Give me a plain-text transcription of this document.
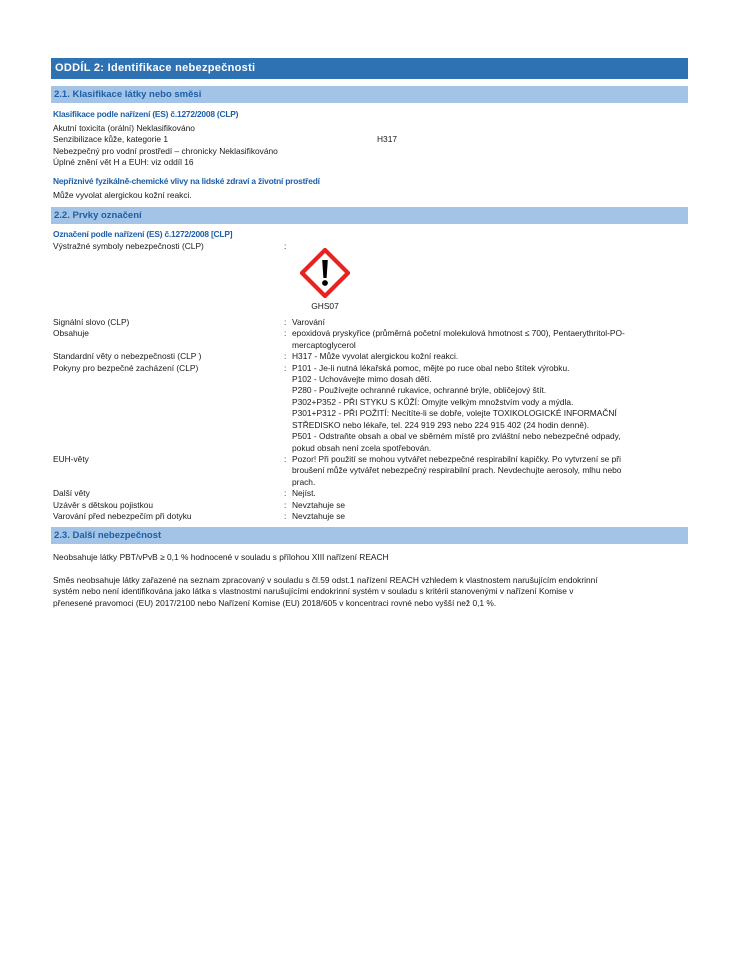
ODDÍL 2: Identifikace nebezpečnosti
2.1. Klasifikace látky nebo směsi
Klasifikace podle nařízení (ES) č.1272/2008 (CLP)
Akutní toxicita (orální) Neklasifikováno
Senzibilizace kůže, kategorie 1	H317
Nebezpečný pro vodní prostředí – chronicky Neklasifikováno
Úplné znění vět H a EUH: viz oddíl 16
Nepříznivé fyzikálně-chemické vlivy na lidské zdraví a životní prostředí
Může vyvolat alergickou kožní reakci.
2.2. Prvky označení
Označení podle nařízení (ES) č.1272/2008 [CLP]
Výstražné symboly nebezpečnosti (CLP)	:
GHS07
Signální slovo (CLP)	: Varování
Obsahuje	: epoxidová pryskyřice (průměrná početní molekulová hmotnost ≤ 700), Pentaerythritol-PO-
mercaptoglycerol
Standardní věty o nebezpečnosti (CLP )	: H317 - Může vyvolat alergickou kožní reakci.
Pokyny pro bezpečné zacházení (CLP)	: P101 - Je-li nutná lékařská pomoc, mějte po ruce obal nebo štítek výrobku.
P102 - Uchovávejte mimo dosah dětí.
P280 - Používejte ochranné rukavice, ochranné brýle, obličejový štít.
P302+P352 - PŘI STYKU S KŮŽÍ: Omyjte velkým množstvím vody a mýdla.
P301+P312 - PŘI POŽITÍ: Necítíte-li se dobře, volejte TOXIKOLOGICKÉ INFORMAČNÍ
STŘEDISKO nebo lékaře, tel. 224 919 293 nebo 224 915 402 (24 hodin denně).
P501 - Odstraňte obsah a obal ve sběrném místě pro zvláštní nebo nebezpečné odpady,
pokud obsah není zcela spotřebován.
EUH-věty	: Pozor! Při použití se mohou vytvářet nebezpečné respirabilní kapičky. Po vytvrzení se při
broušení může vytvářet nebezpečný respirabilní prach. Nevdechujte aerosoly, mlhu nebo
prach.
Další věty	: Nejíst.
Uzávěr s dětskou pojistkou	: Nevztahuje se
Varování před nebezpečím při dotyku	: Nevztahuje se
2.3. Další nebezpečnost
Neobsahuje látky PBT/vPvB ≥ 0,1 % hodnocené v souladu s přílohou XIII nařízení REACH
Směs neobsahuje látky zařazené na seznam zpracovaný v souladu s čl.59 odst.1 nařízení REACH vzhledem k vlastnostem narušujícím endokrinní
systém nebo není identifikována jako látka s vlastnostmi narušujícími endokrinní systém v souladu s kritérii stanovenými v nařízení Komise v
přenesené pravomoci (EU) 2017/2100 nebo Nařízení Komise (EU) 2018/605 v koncentraci rovné nebo vyšší než 0,1 %.
